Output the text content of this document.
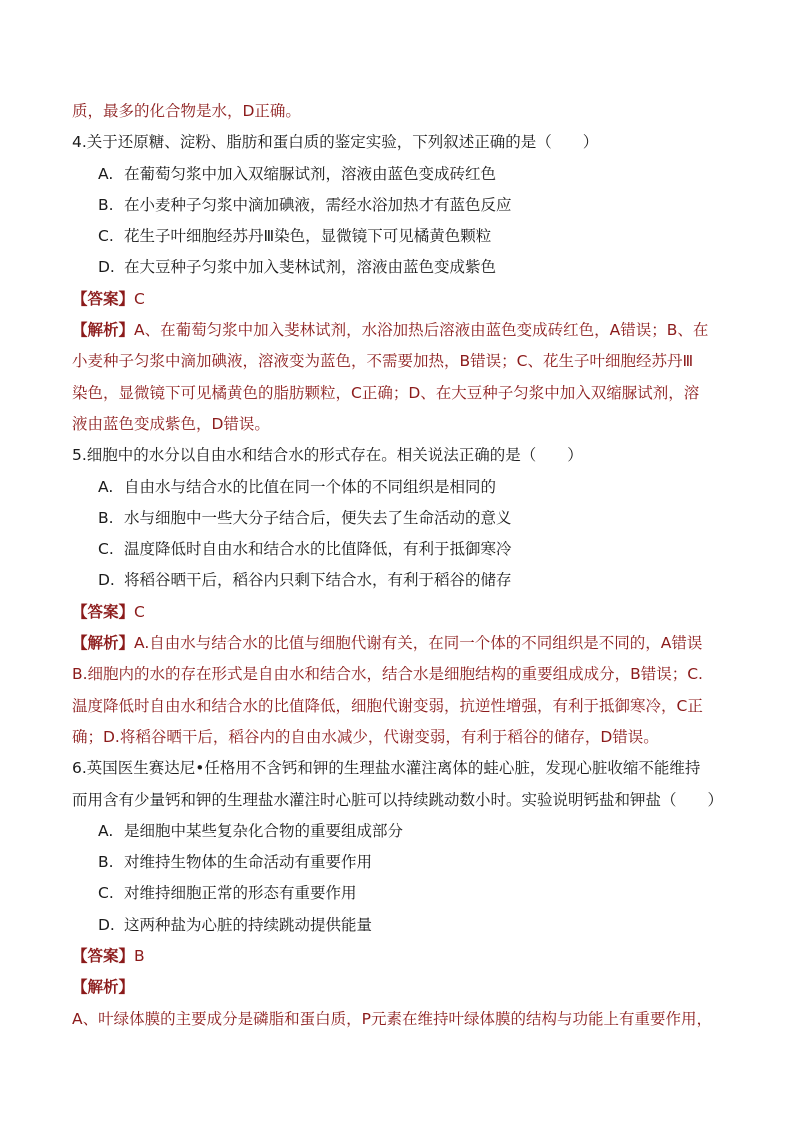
质，最多的化合物是水，D正确。
4.关于还原糖、淀粉、脂肪和蛋白质的鉴定实验，下列叙述正确的是（　　）
A. 在葡萄匀浆中加入双缩脲试剂，溶液由蓝色变成砖红色
B. 在小麦种子匀浆中滴加碘液，需经水浴加热才有蓝色反应
C. 花生子叶细胞经苏丹Ⅲ染色，显微镜下可见橘黄色颗粒
D. 在大豆种子匀浆中加入斐林试剂，溶液由蓝色变成紫色
【答案】C
【解析】A、在葡萄匀浆中加入斐林试剂，水浴加热后溶液由蓝色变成砖红色，A错误；B、在
小麦种子匀浆中滴加碘液，溶液变为蓝色，不需要加热，B错误；C、花生子叶细胞经苏丹Ⅲ
染色，显微镜下可见橘黄色的脂肪颗粒，C正确；D、在大豆种子匀浆中加入双缩脲试剂，溶
液由蓝色变成紫色，D错误。
5.细胞中的水分以自由水和结合水的形式存在。相关说法正确的是（　　）
A. 自由水与结合水的比值在同一个体的不同组织是相同的
B. 水与细胞中一些大分子结合后，便失去了生命活动的意义
C. 温度降低时自由水和结合水的比值降低，有利于抵御寒冷
D. 将稻谷晒干后，稻谷内只剩下结合水，有利于稻谷的储存
【答案】C
【解析】A.自由水与结合水的比值与细胞代谢有关，在同一个体的不同组织是不同的，A错误
B.细胞内的水的存在形式是自由水和结合水，结合水是细胞结构的重要组成成分，B错误；C.
温度降低时自由水和结合水的比值降低，细胞代谢变弱，抗逆性增强，有利于抵御寒冷，C正
确；D.将稻谷晒干后，稻谷内的自由水减少，代谢变弱，有利于稻谷的储存，D错误。
6.英国医生赛达尼•任格用不含钙和钾的生理盐水灌注离体的蛙心脏，发现心脏收缩不能维持
而用含有少量钙和钾的生理盐水灌注时心脏可以持续跳动数小时。实验说明钙盐和钾盐（　　）
A. 是细胞中某些复杂化合物的重要组成部分
B. 对维持生物体的生命活动有重要作用
C. 对维持细胞正常的形态有重要作用
D. 这两种盐为心脏的持续跳动提供能量
【答案】B
【解析】
A、叶绿体膜的主要成分是磷脂和蛋白质，P元素在维持叶绿体膜的结构与功能上有重要作用，
